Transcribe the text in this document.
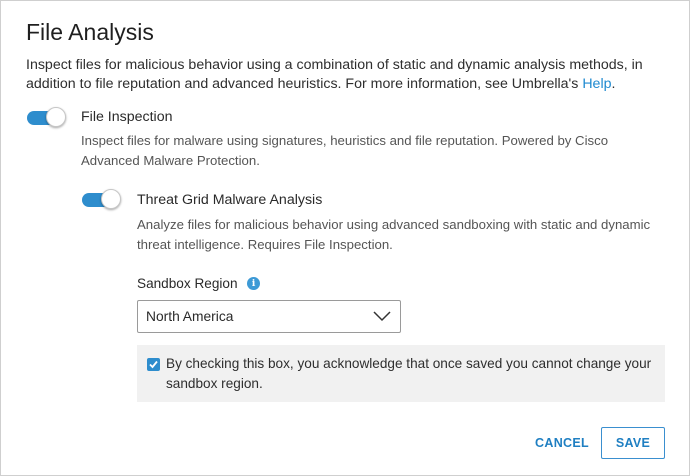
File Analysis

Inspect files for malicious behavior using a combination of static and dynamic analysis methods, in addition to file reputation and advanced heuristics. For more information, see Umbrella's Help.

File Inspection

Inspect files for malware using signatures, heuristics and file reputation. Powered by Cisco Advanced Malware Protection.

Threat Grid Malware Analysis

Analyze files for malicious behavior using advanced sandboxing with static and dynamic threat intelligence. Requires File Inspection.

Sandbox Region	i
North America

By checking this box, you acknowledge that once saved you cannot change your sandbox region.

CANCEL	SAVE
